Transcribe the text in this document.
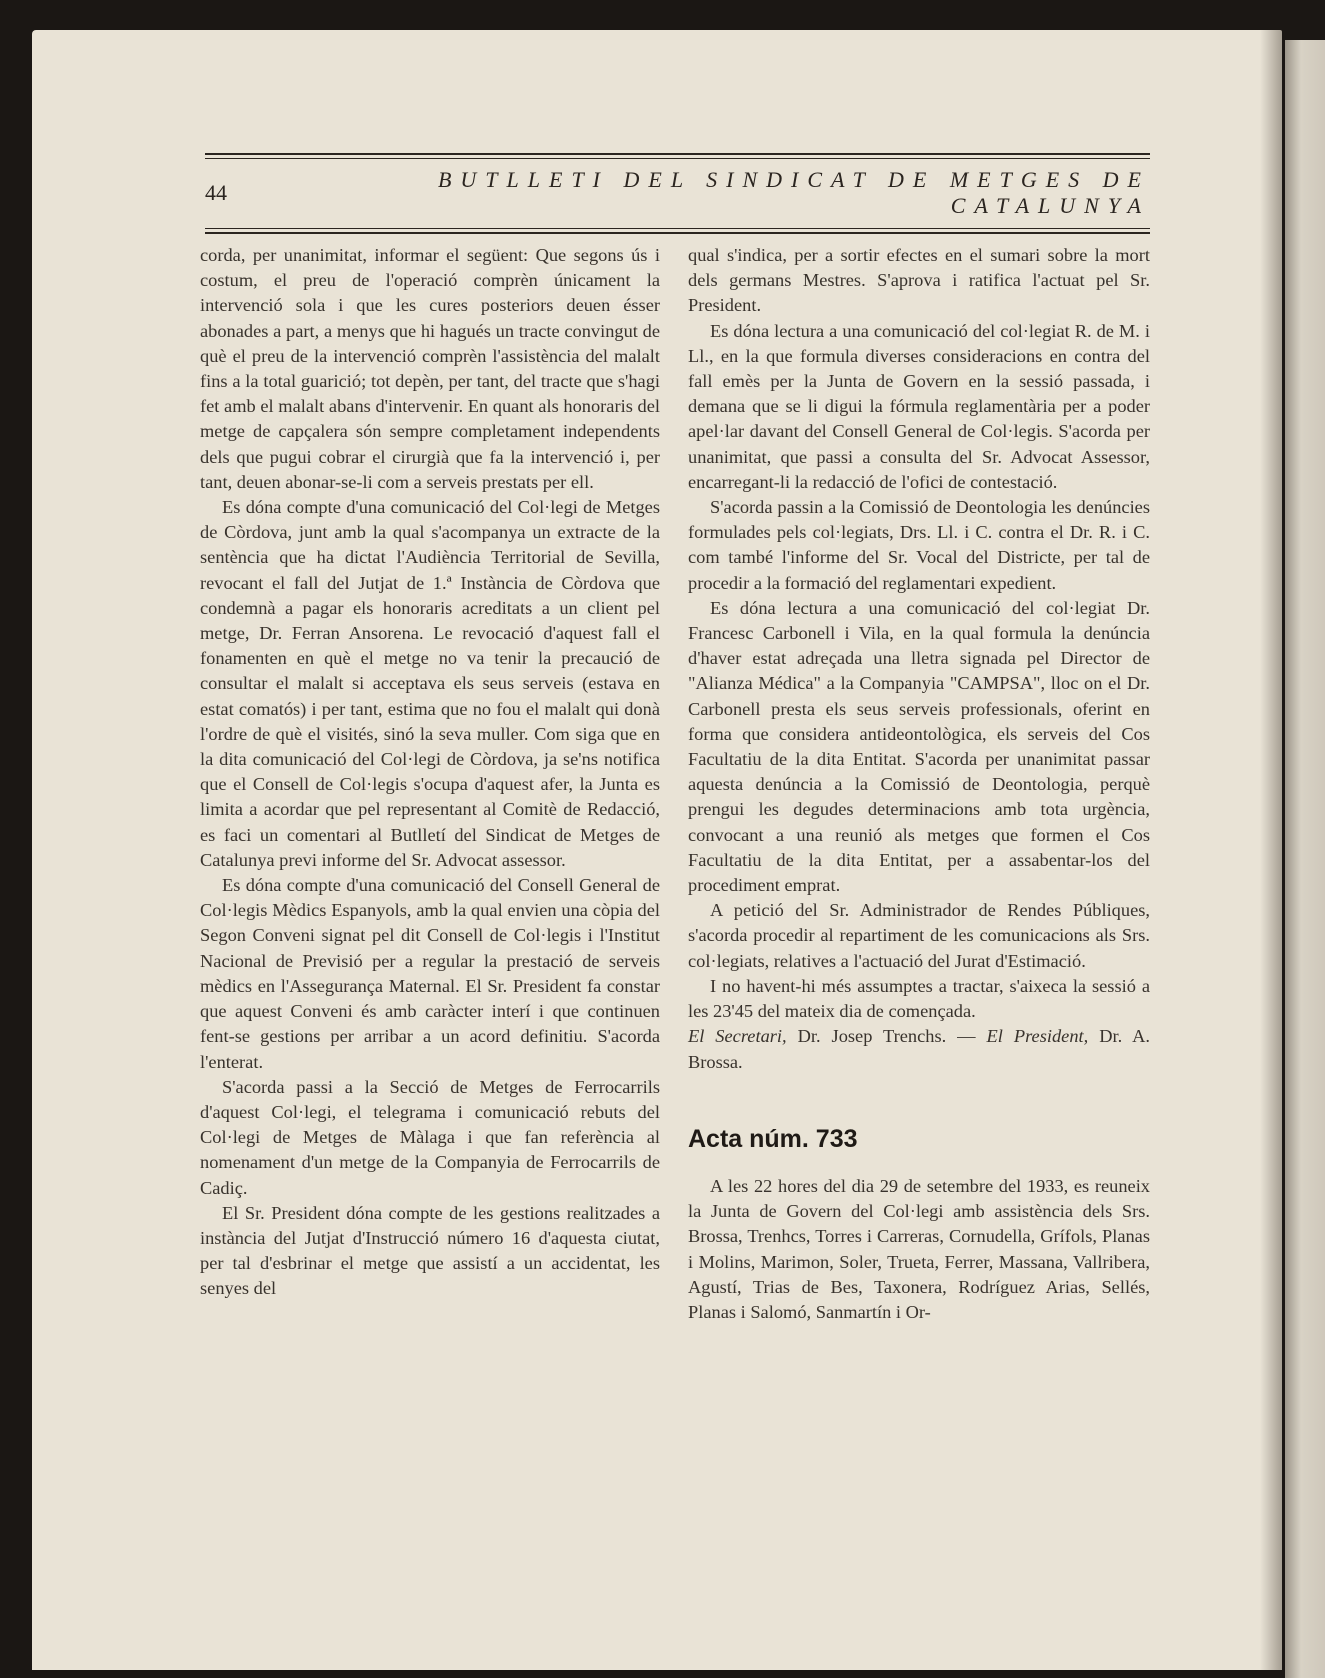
44
BUTLLETI DEL SINDICAT DE METGES DE CATALUNYA

corda, per unanimitat, informar el següent: Que segons ús i costum, el preu de l'operació comprèn únicament la intervenció sola i que les cures posteriors deuen ésser abonades a part, a menys que hi hagués un tracte convingut de què el preu de la intervenció comprèn l'assistència del malalt fins a la total guarició; tot depèn, per tant, del tracte que s'hagi fet amb el malalt abans d'intervenir. En quant als honoraris del metge de capçalera són sempre completament independents dels que pugui cobrar el cirurgià que fa la intervenció i, per tant, deuen abonar-se-li com a serveis prestats per ell.

Es dóna compte d'una comunicació del Col·legi de Metges de Còrdova, junt amb la qual s'acompanya un extracte de la sentència que ha dictat l'Audiència Territorial de Sevilla, revocant el fall del Jutjat de 1.ª Instància de Còrdova que condemnà a pagar els honoraris acreditats a un client pel metge, Dr. Ferran Ansorena. Le revocació d'aquest fall el fonamenten en què el metge no va tenir la precaució de consultar el malalt si acceptava els seus serveis (estava en estat comatós) i per tant, estima que no fou el malalt qui donà l'ordre de què el visités, sinó la seva muller. Com siga que en la dita comunicació del Col·legi de Còrdova, ja se'ns notifica que el Consell de Col·legis s'ocupa d'aquest afer, la Junta es limita a acordar que pel representant al Comitè de Redacció, es faci un comentari al Butlletí del Sindicat de Metges de Catalunya previ informe del Sr. Advocat assessor.

Es dóna compte d'una comunicació del Consell General de Col·legis Mèdics Espanyols, amb la qual envien una còpia del Segon Conveni signat pel dit Consell de Col·legis i l'Institut Nacional de Previsió per a regular la prestació de serveis mèdics en l'Assegurança Maternal. El Sr. President fa constar que aquest Conveni és amb caràcter interí i que continuen fent-se gestions per arribar a un acord definitiu. S'acorda l'enterat.

S'acorda passi a la Secció de Metges de Ferrocarrils d'aquest Col·legi, el telegrama i comunicació rebuts del Col·legi de Metges de Màlaga i que fan referència al nomenament d'un metge de la Companyia de Ferrocarrils de Cadiç.

El Sr. President dóna compte de les gestions realitzades a instància del Jutjat d'Instrucció número 16 d'aquesta ciutat, per tal d'esbrinar el metge que assistí a un accidentat, les senyes del

qual s'indica, per a sortir efectes en el sumari sobre la mort dels germans Mestres. S'aprova i ratifica l'actuat pel Sr. President.

Es dóna lectura a una comunicació del col·legiat R. de M. i Ll., en la que formula diverses consideracions en contra del fall emès per la Junta de Govern en la sessió passada, i demana que se li digui la fórmula reglamentària per a poder apel·lar davant del Consell General de Col·legis. S'acorda per unanimitat, que passi a consulta del Sr. Advocat Assessor, encarregant-li la redacció de l'ofici de contestació.

S'acorda passin a la Comissió de Deontologia les denúncies formulades pels col·legiats, Drs. Ll. i C. contra el Dr. R. i C. com també l'informe del Sr. Vocal del Districte, per tal de procedir a la formació del reglamentari expedient.

Es dóna lectura a una comunicació del col·legiat Dr. Francesc Carbonell i Vila, en la qual formula la denúncia d'haver estat adreçada una lletra signada pel Director de "Alianza Médica" a la Companyia "CAMPSA", lloc on el Dr. Carbonell presta els seus serveis professionals, oferint en forma que considera antideontològica, els serveis del Cos Facultatiu de la dita Entitat. S'acorda per unanimitat passar aquesta denúncia a la Comissió de Deontologia, perquè prengui les degudes determinacions amb tota urgència, convocant a una reunió als metges que formen el Cos Facultatiu de la dita Entitat, per a assabentar-los del procediment emprat.

A petició del Sr. Administrador de Rendes Públiques, s'acorda procedir al repartiment de les comunicacions als Srs. col·legiats, relatives a l'actuació del Jurat d'Estimació.

I no havent-hi més assumptes a tractar, s'aixeca la sessió a les 23'45 del mateix dia de començada.

El Secretari, Dr. Josep Trenchs. — El President, Dr. A. Brossa.

Acta núm. 733

A les 22 hores del dia 29 de setembre del 1933, es reuneix la Junta de Govern del Col·legi amb assistència dels Srs. Brossa, Trenhcs, Torres i Carreras, Cornudella, Grífols, Planas i Molins, Marimon, Soler, Trueta, Ferrer, Massana, Vallribera, Agustí, Trias de Bes, Taxonera, Rodríguez Arias, Sellés, Planas i Salomó, Sanmartín i Or-
